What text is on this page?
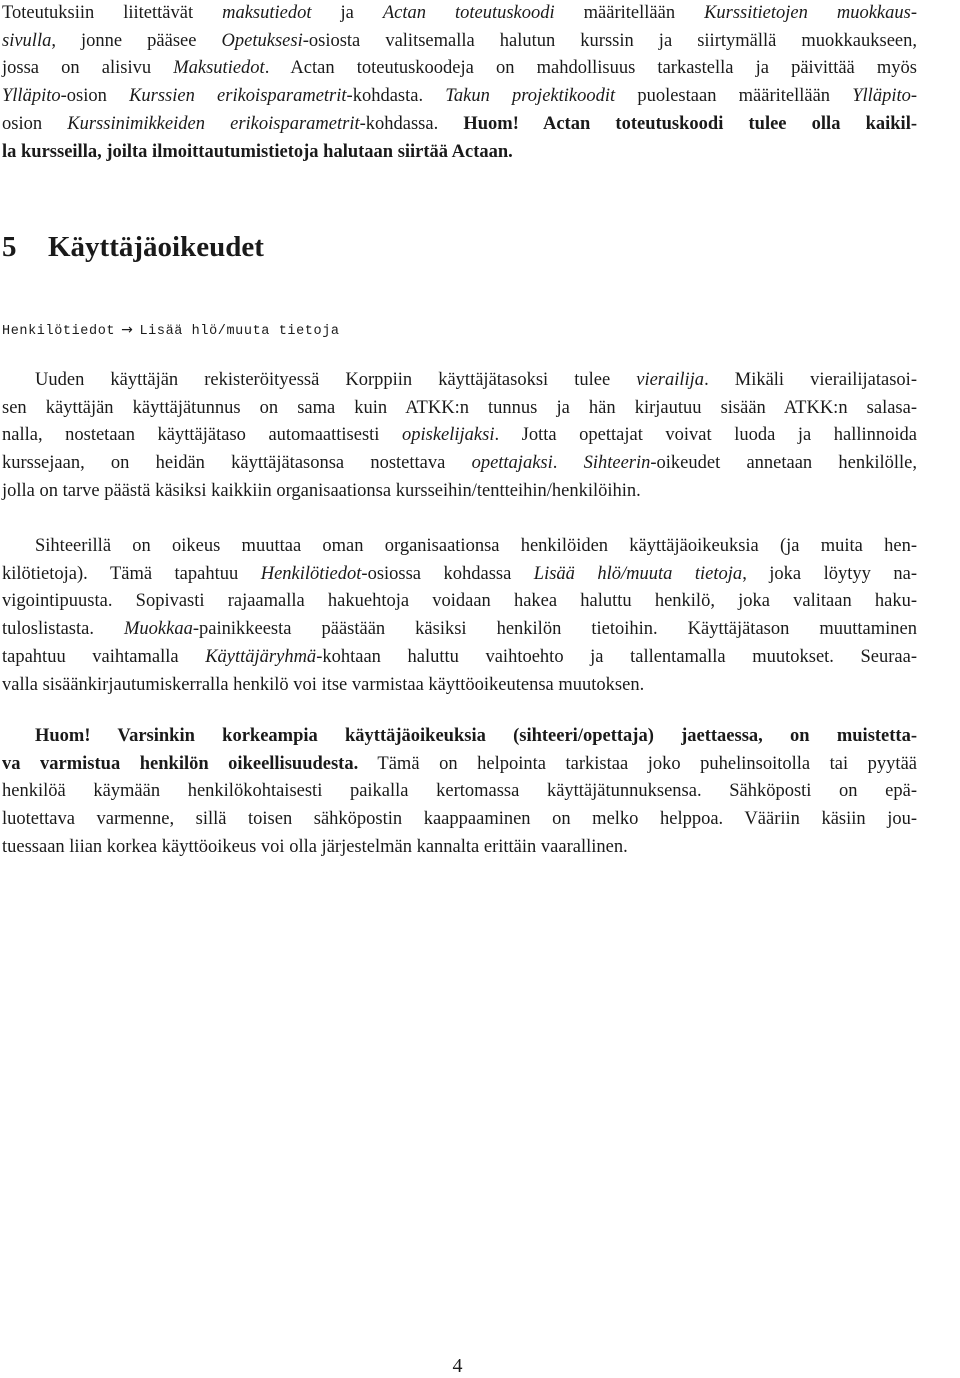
Toteutuksiin liitettävät maksutiedot ja Actan toteutuskoodi määritellään Kurssitietojen muokkaus-
sivulla, jonne pääsee Opetuksesi-osiosta valitsemalla halutun kurssin ja siirtymällä muokkaukseen,
jossa on alisivu Maksutiedot. Actan toteutuskoodeja on mahdollisuus tarkastella ja päivittää myös
Ylläpito-osion Kurssien erikoisparametrit-kohdasta. Takun projektikoodit puolestaan määritellään Ylläpito-
osion Kurssinimikkeiden erikoisparametrit-kohdassa. Huom! Actan toteutuskoodi tulee olla kaikil-
la kursseilla, joilta ilmoittautumistietoja halutaan siirtää Actaan.
5 Käyttäjäoikeudet
Henkilötiedot → Lisää hlö/muuta tietoja
Uuden käyttäjän rekisteröityessä Korppiin käyttäjätasoksi tulee vierailija. Mikäli vierailijatasoi-
sen käyttäjän käyttäjätunnus on sama kuin ATKK:n tunnus ja hän kirjautuu sisään ATKK:n salasa-
nalla, nostetaan käyttäjätaso automaattisesti opiskelijaksi. Jotta opettajat voivat luoda ja hallinnoida
kurssejaan, on heidän käyttäjätasonsa nostettava opettajaksi. Sihteerin-oikeudet annetaan henkilölle,
jolla on tarve päästä käsiksi kaikkiin organisaationsa kursseihin/tentteihin/henkilöihin.
Sihteerillä on oikeus muuttaa oman organisaationsa henkilöiden käyttäjäoikeuksia (ja muita hen-
kilötietoja). Tämä tapahtuu Henkilötiedot-osiossa kohdassa Lisää hlö/muuta tietoja, joka löytyy na-
vigointipuusta. Sopivasti rajaamalla hakuehtoja voidaan hakea haluttu henkilö, joka valitaan haku-
tuloslistasta. Muokkaa-painikkeesta päästään käsiksi henkilön tietoihin. Käyttäjätason muuttaminen
tapahtuu vaihtamalla Käyttäjäryhmä-kohtaan haluttu vaihtoehto ja tallentamalla muutokset. Seuraa-
valla sisäänkirjautumiskerralla henkilö voi itse varmistaa käyttöoikeutensa muutoksen.
Huom! Varsinkin korkeampia käyttäjäoikeuksia (sihteeri/opettaja) jaettaessa, on muistetta-
va varmistua henkilön oikeellisuudesta. Tämä on helpointa tarkistaa joko puhelinsoitolla tai pyytää
henkilöä käymään henkilökohtaisesti paikalla kertomassa käyttäjätunnuksensa. Sähköposti on epä-
luotettava varmenne, sillä toisen sähköpostin kaappaaminen on melko helppoa. Vääriin käsiin jou-
tuessaan liian korkea käyttöoikeus voi olla järjestelmän kannalta erittäin vaarallinen.
4
